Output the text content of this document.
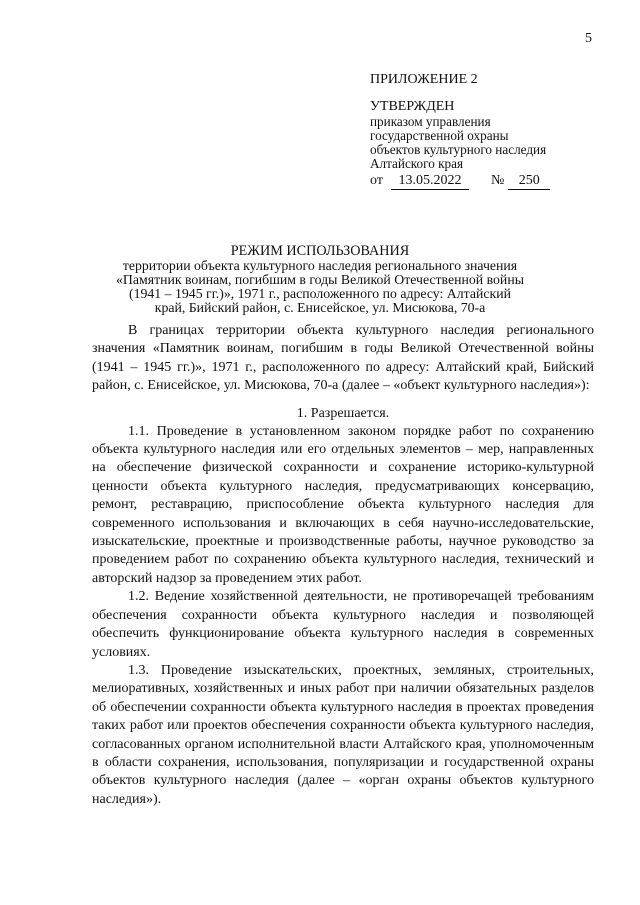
5
ПРИЛОЖЕНИЕ 2
УТВЕРЖДЕН
приказом управления
государственной охраны
объектов культурного наследия
Алтайского края
от 13.05.2022 № 250
РЕЖИМ ИСПОЛЬЗОВАНИЯ
территории объекта культурного наследия регионального значения
«Памятник воинам, погибшим в годы Великой Отечественной войны
(1941 – 1945 гг.)», 1971 г., расположенного по адресу: Алтайский
край, Бийский район, с. Енисейское, ул. Мисюкова, 70-а

В границах территории объекта культурного наследия регионального значения «Памятник воинам, погибшим в годы Великой Отечественной войны (1941 – 1945 гг.)», 1971 г., расположенного по адресу: Алтайский край, Бийский район, с. Енисейское, ул. Мисюкова, 70-а (далее – «объект культурного наследия»):

1. Разрешается.

1.1. Проведение в установленном законом порядке работ по сохранению объекта культурного наследия или его отдельных элементов – мер, направленных на обеспечение физической сохранности и сохранение историко-культурной ценности объекта культурного наследия, предусматривающих консервацию, ремонт, реставрацию, приспособление объекта культурного наследия для современного использования и включающих в себя научно-исследовательские, изыскательские, проектные и производственные работы, научное руководство за проведением работ по сохранению объекта культурного наследия, технический и авторский надзор за проведением этих работ.

1.2. Ведение хозяйственной деятельности, не противоречащей требованиям обеспечения сохранности объекта культурного наследия и позволяющей обеспечить функционирование объекта культурного наследия в современных условиях.

1.3. Проведение изыскательских, проектных, земляных, строительных, мелиоративных, хозяйственных и иных работ при наличии обязательных разделов об обеспечении сохранности объекта культурного наследия в проектах проведения таких работ или проектов обеспечения сохранности объекта культурного наследия, согласованных органом исполнительной власти Алтайского края, уполномоченным в области сохранения, использования, популяризации и государственной охраны объектов культурного наследия (далее – «орган охраны объектов культурного наследия»).
